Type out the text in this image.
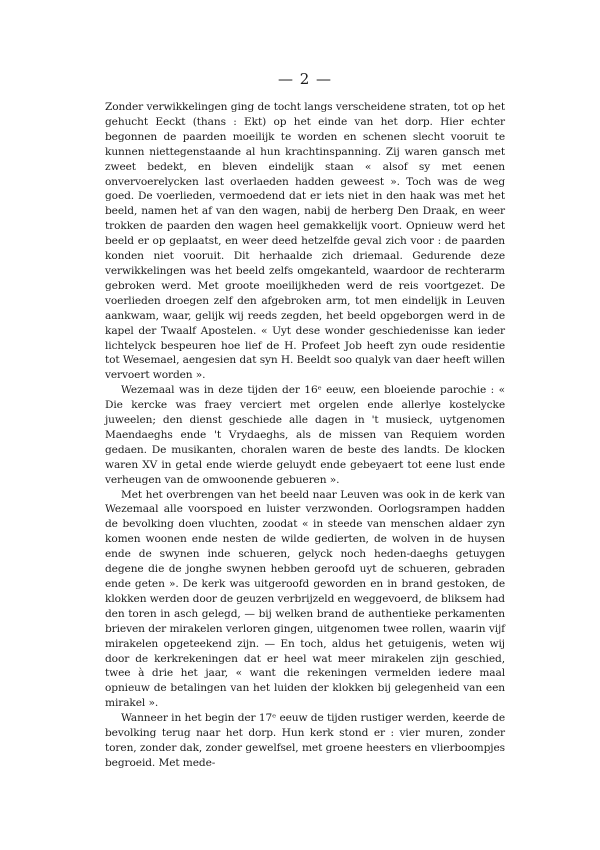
— 2 —

Zonder verwikkelingen ging de tocht langs verscheidene straten, tot op het gehucht Eeckt (thans : Ekt) op het einde van het dorp. Hier echter begonnen de paarden moeilijk te worden en schenen slecht vooruit te kunnen niettegenstaande al hun krachtinspanning. Zij waren gansch met zweet bedekt, en bleven eindelijk staan « alsof sy met eenen onvervoerelycken last overlaeden hadden geweest ». Toch was de weg goed. De voerlieden, vermoedend dat er iets niet in den haak was met het beeld, namen het af van den wagen, nabij de herberg Den Draak, en weer trokken de paarden den wagen heel gemakkelijk voort. Opnieuw werd het beeld er op geplaatst, en weer deed hetzelfde geval zich voor : de paarden konden niet vooruit. Dit herhaalde zich driemaal. Gedurende deze verwikkelingen was het beeld zelfs omgekanteld, waardoor de rechterarm gebroken werd. Met groote moeilijkheden werd de reis voortgezet. De voerlieden droegen zelf den afgebroken arm, tot men eindelijk in Leuven aankwam, waar, gelijk wij reeds zegden, het beeld opgeborgen werd in de kapel der Twaalf Apostelen. « Uyt dese wonder geschiedenisse kan ieder lichtelyck bespeuren hoe lief de H. Profeet Job heeft zyn oude residentie tot Wesemael, aengesien dat syn H. Beeldt soo qualyk van daer heeft willen vervoert worden ».

Wezemaal was in deze tijden der 16ᵉ eeuw, een bloeiende parochie : « Die kercke was fraey verciert met orgelen ende allerlye kostelycke juweelen; den dienst geschiede alle dagen in 't musieck, uytgenomen Maendaeghs ende 't Vrydaeghs, als de missen van Requiem worden gedaen. De musikanten, choralen waren de beste des landts. De klocken waren XV in getal ende wierde geluydt ende gebeyaert tot eene lust ende verheugen van de omwoonende gebueren ».

Met het overbrengen van het beeld naar Leuven was ook in de kerk van Wezemaal alle voorspoed en luister verzwonden. Oorlogsrampen hadden de bevolking doen vluchten, zoodat « in steede van menschen aldaer zyn komen woonen ende nesten de wilde gedierten, de wolven in de huysen ende de swynen inde schueren, gelyck noch heden-daeghs getuygen degene die de jonghe swynen hebben geroofd uyt de schueren, gebraden ende geten ». De kerk was uitgeroofd geworden en in brand gestoken, de klokken werden door de geuzen verbrijzeld en weggevoerd, de bliksem had den toren in asch gelegd, — bij welken brand de authentieke perkamenten brieven der mirakelen verloren gingen, uitgenomen twee rollen, waarin vijf mirakelen opgeteekend zijn. — En toch, aldus het getuigenis, weten wij door de kerkrekeningen dat er heel wat meer mirakelen zijn geschied, twee à drie het jaar, « want die rekeningen vermelden iedere maal opnieuw de betalingen van het luiden der klokken bij gelegenheid van een mirakel ».

Wanneer in het begin der 17ᵉ eeuw de tijden rustiger werden, keerde de bevolking terug naar het dorp. Hun kerk stond er : vier muren, zonder toren, zonder dak, zonder gewelfsel, met groene heesters en vlierboompjes begroeid. Met mede-
